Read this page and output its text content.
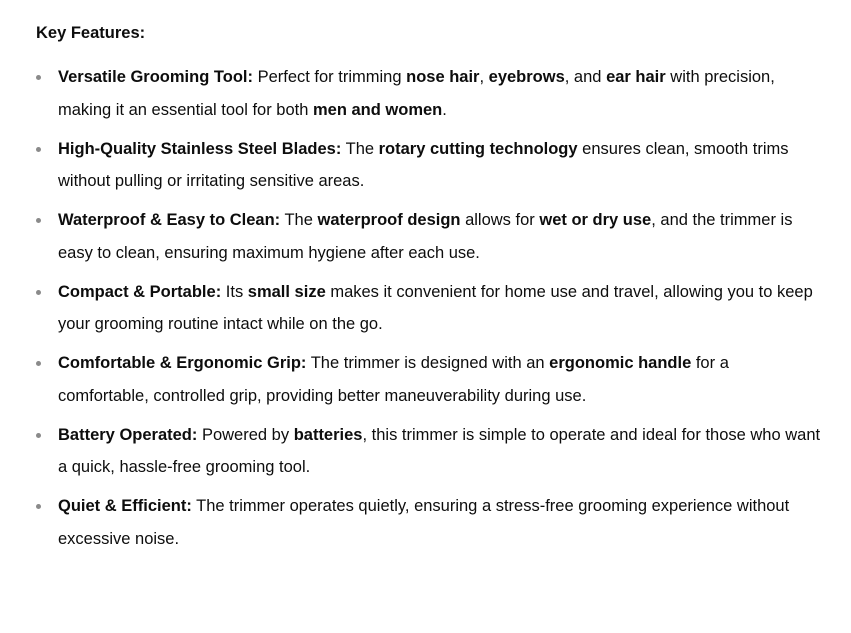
Key Features:
Versatile Grooming Tool: Perfect for trimming nose hair, eyebrows, and ear hair with precision, making it an essential tool for both men and women.
High-Quality Stainless Steel Blades: The rotary cutting technology ensures clean, smooth trims without pulling or irritating sensitive areas.
Waterproof & Easy to Clean: The waterproof design allows for wet or dry use, and the trimmer is easy to clean, ensuring maximum hygiene after each use.
Compact & Portable: Its small size makes it convenient for home use and travel, allowing you to keep your grooming routine intact while on the go.
Comfortable & Ergonomic Grip: The trimmer is designed with an ergonomic handle for a comfortable, controlled grip, providing better maneuverability during use.
Battery Operated: Powered by batteries, this trimmer is simple to operate and ideal for those who want a quick, hassle-free grooming tool.
Quiet & Efficient: The trimmer operates quietly, ensuring a stress-free grooming experience without excessive noise.
